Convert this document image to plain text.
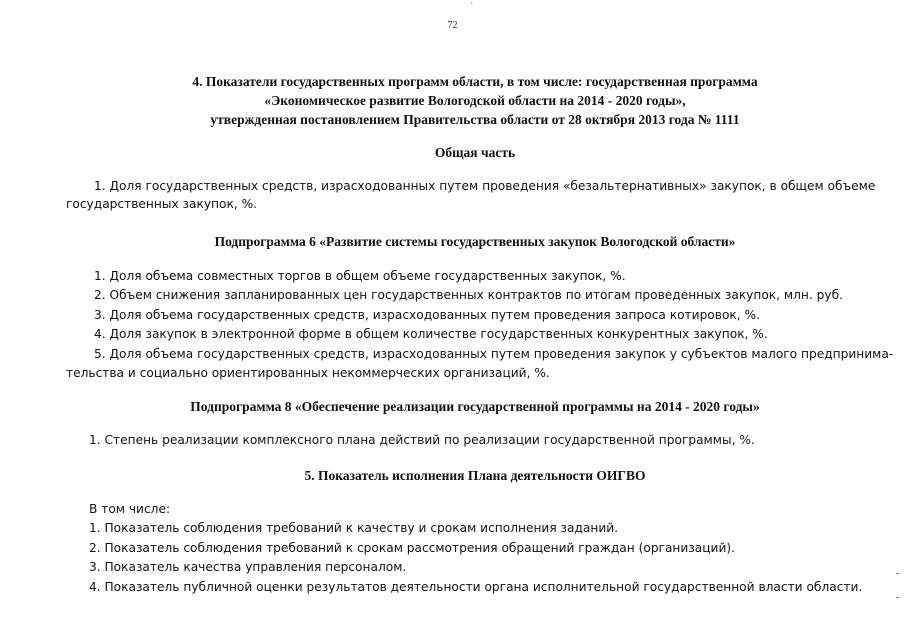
`
72
4. Показатели государственных программ области, в том числе: государственная программа
«Экономическое развитие Вологодской области на 2014 - 2020 годы»,
утвержденная постановлением Правительства области от 28 октября 2013 года № 1111
Общая часть
1. Доля государственных средств, израсходованных путем проведения «безальтернативных» закупок, в общем объеме
государственных закупок, %.
Подпрограмма 6 «Развитие системы государственных закупок Вологодской области»
1. Доля объема совместных торгов в общем объеме государственных закупок, %.
2. Объем снижения запланированных цен государственных контрактов по итогам проведенных закупок, млн. руб.
3. Доля объема государственных средств, израсходованных путем проведения запроса котировок, %.
4. Доля закупок в электронной форме в общем количестве государственных конкурентных закупок, %.
5. Доля объема государственных средств, израсходованных путем проведения закупок у субъектов малого предпринима-
тельства и социально ориентированных некоммерческих организаций, %.
Подпрограмма 8 «Обеспечение реализации государственной программы на 2014 - 2020 годы»
1. Степень реализации комплексного плана действий по реализации государственной программы, %.
5. Показатель исполнения Плана деятельности ОИГВО
В том числе:
1. Показатель соблюдения требований к качеству и срокам исполнения заданий.
2. Показатель соблюдения требований к срокам рассмотрения обращений граждан (организаций).
3. Показатель качества управления персоналом.
4. Показатель публичной оценки результатов деятельности органа исполнительной государственной власти области.
-
-
